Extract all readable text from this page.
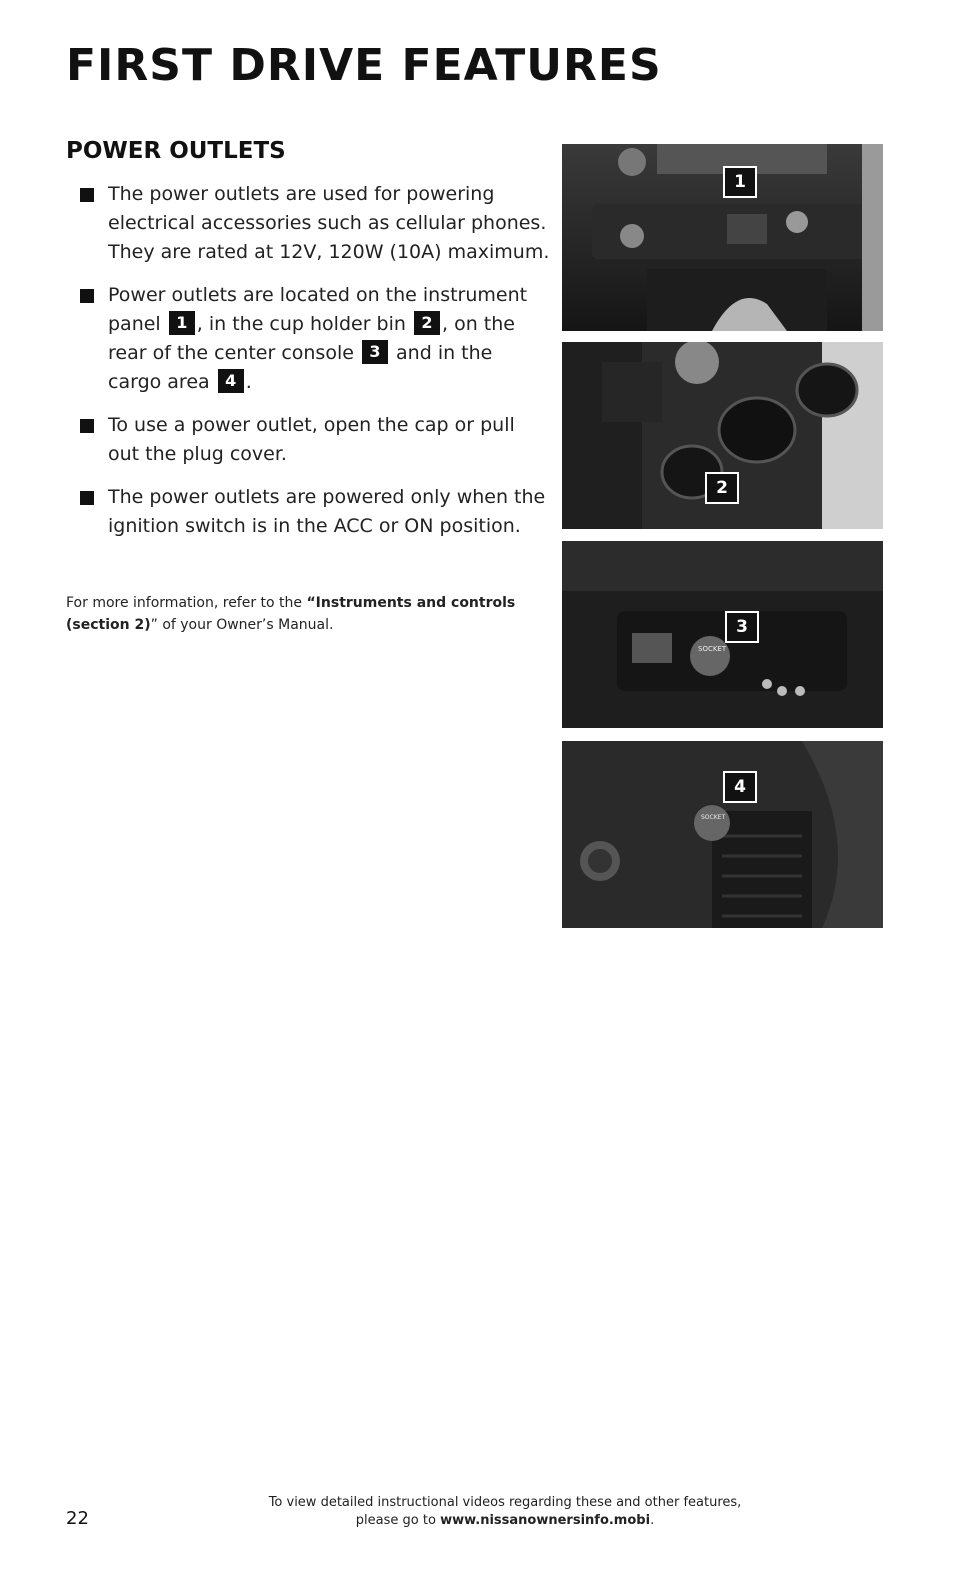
FIRST DRIVE FEATURES
POWER OUTLETS
The power outlets are used for powering electrical accessories such as cellular phones. They are rated at 12V, 120W (10A) maximum.
Power outlets are located on the instrument panel 1 , in the cup holder bin 2 , on the rear of the center console 3 and in the cargo area 4 .
To use a power outlet, open the cap or pull out the plug cover.
The power outlets are powered only when the ignition switch is in the ACC or ON position.

For more information, refer to the “Instruments and controls (section 2)” of your Owner’s Manual.

1
2
SOCKET
3
SOCKET
4
22
To view detailed instructional videos regarding these and other features,
please go to www.nissanownersinfo.mobi.
